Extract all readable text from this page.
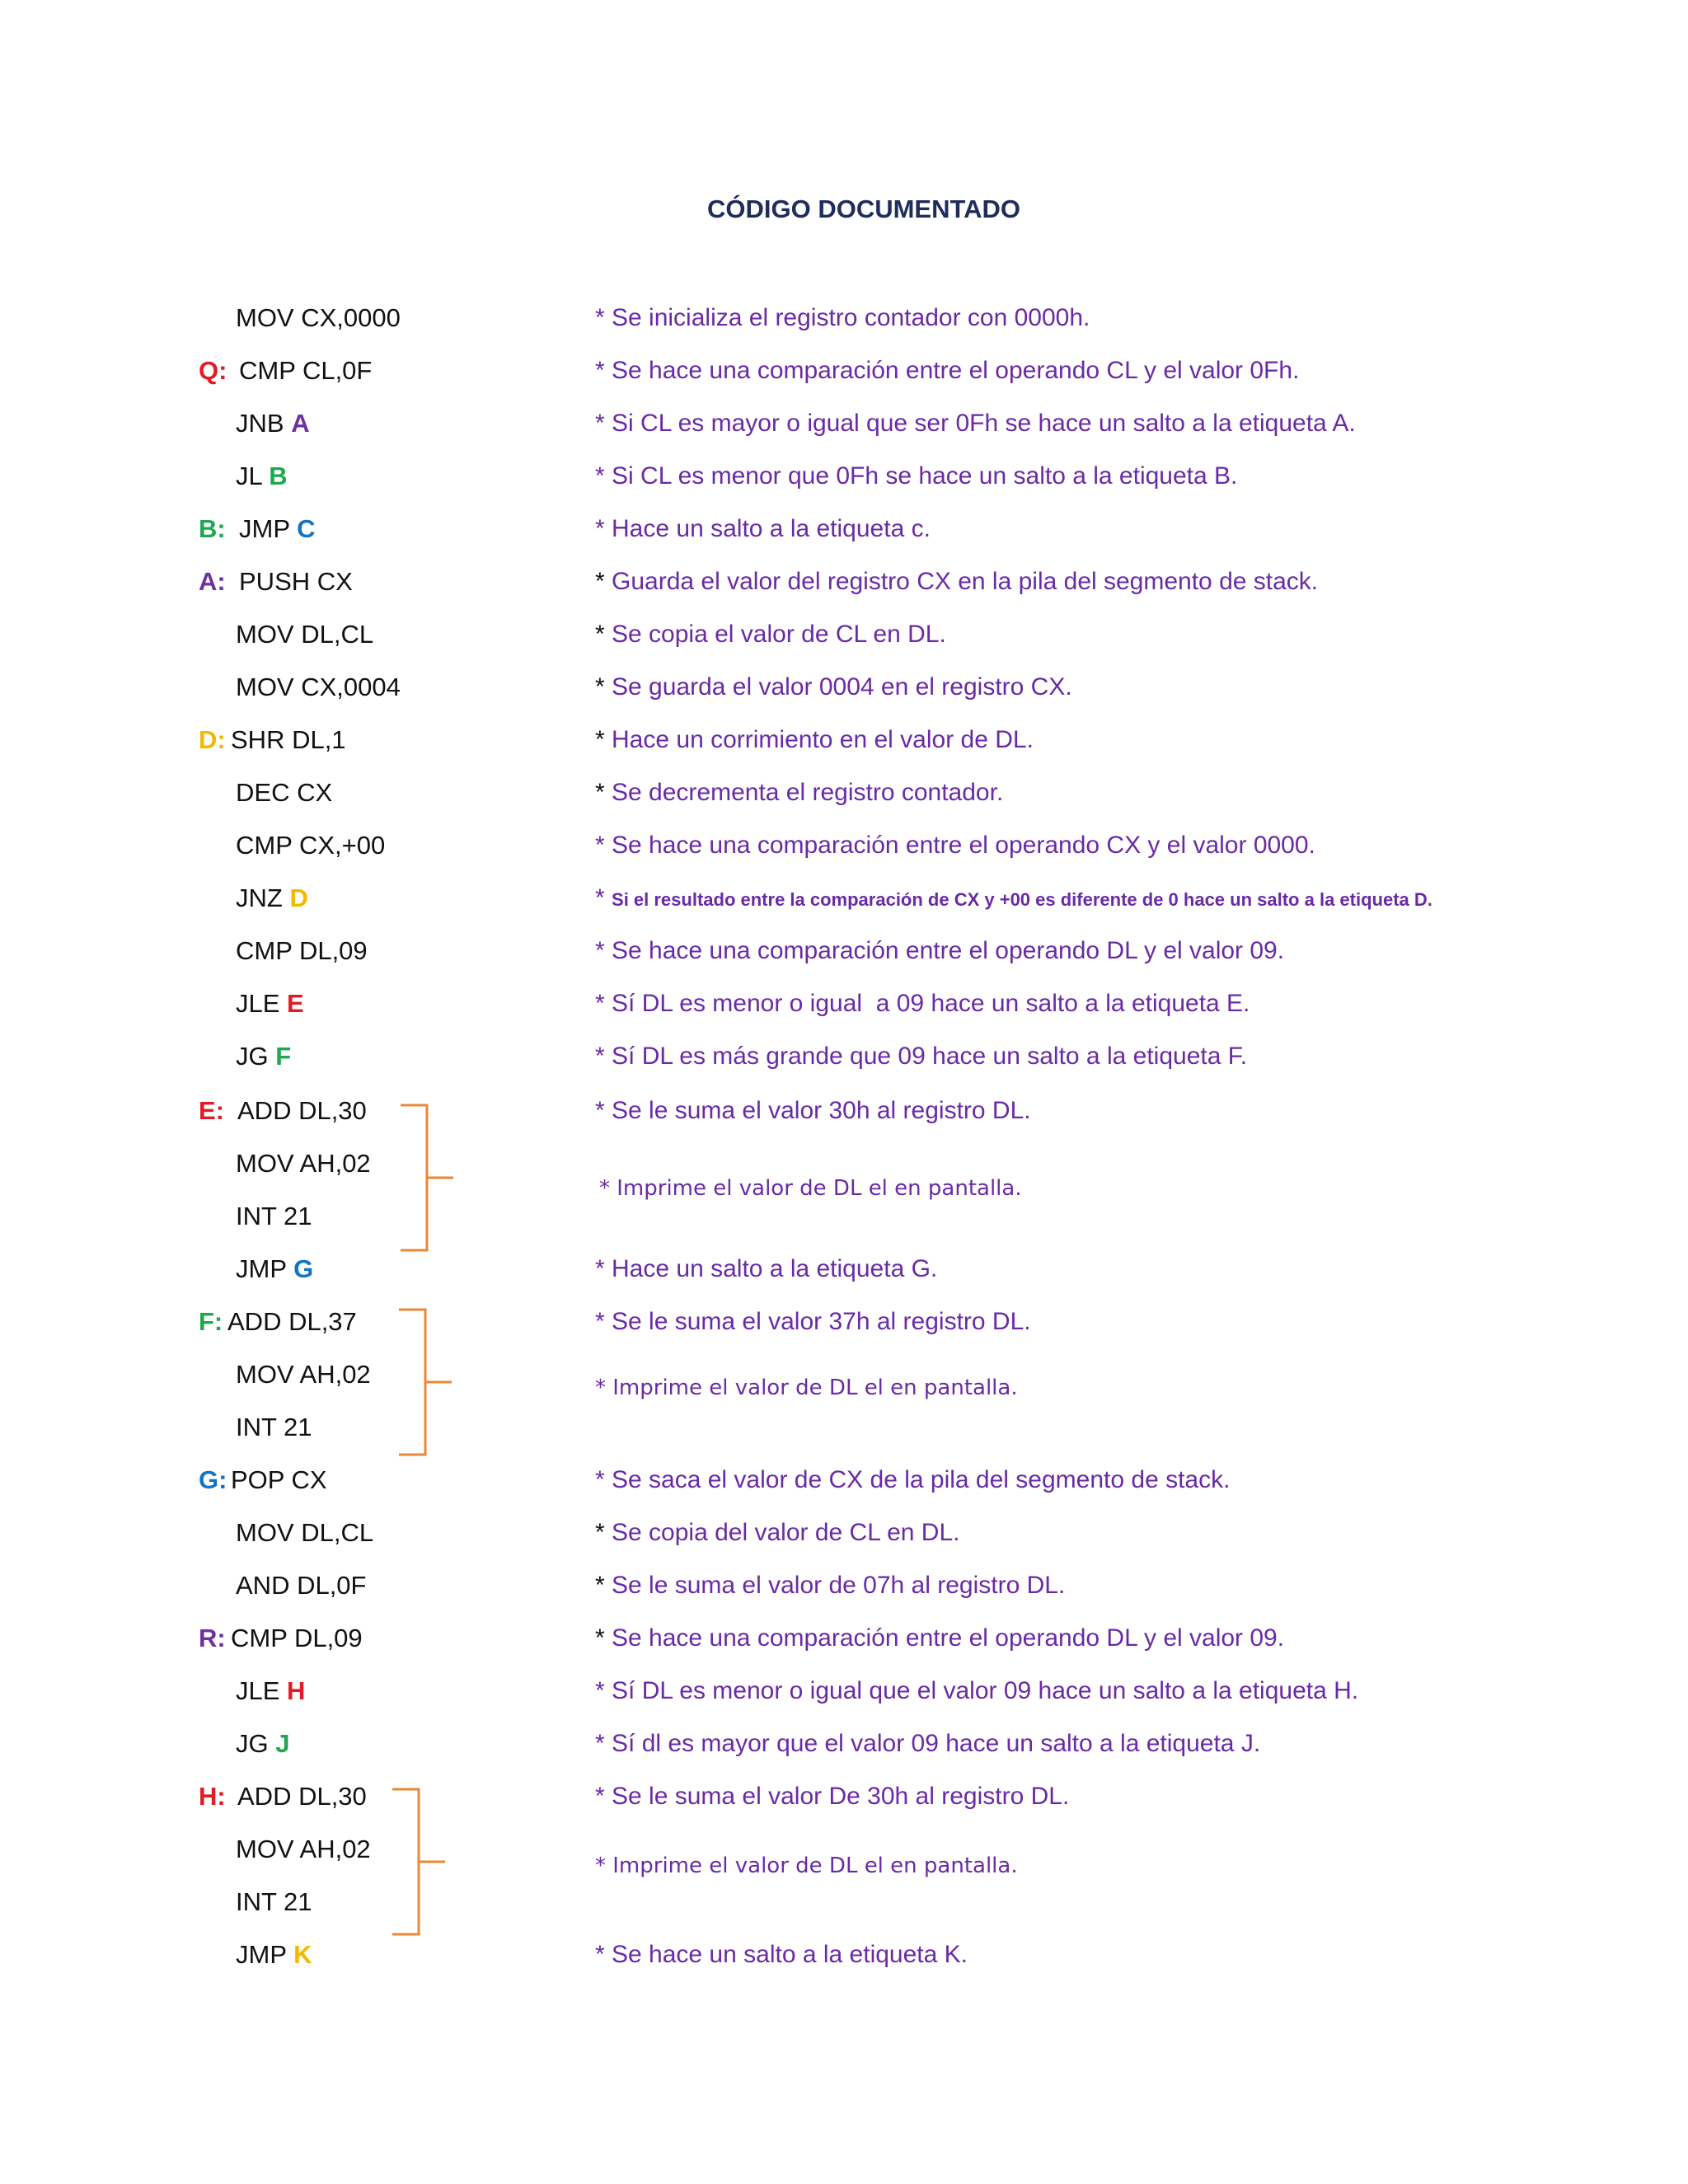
CÓDIGO DOCUMENTADO
MOV CX,0000	* Se inicializa el registro contador con 0000h.
Q: CMP CL,0F	* Se hace una comparación entre el operando CL y el valor 0Fh.
JNB A	* Si CL es mayor o igual que ser 0Fh se hace un salto a la etiqueta A.
JL B	* Si CL es menor que 0Fh se hace un salto a la etiqueta B.
B: JMP C	* Hace un salto a la etiqueta c.
A: PUSH CX	* Guarda el valor del registro CX en la pila del segmento de stack.
MOV DL,CL	* Se copia el valor de CL en DL.
MOV CX,0004	* Se guarda el valor 0004 en el registro CX.
D: SHR DL,1	* Hace un corrimiento en el valor de DL.
DEC CX	* Se decrementa el registro contador.
CMP CX,+00	* Se hace una comparación entre el operando CX y el valor 0000.
JNZ D	* Si el resultado entre la comparación de CX y +00 es diferente de 0 hace un salto a la etiqueta D.
CMP DL,09	* Se hace una comparación entre el operando DL y el valor 09.
JLE E	* Sí DL es menor o igual  a 09 hace un salto a la etiqueta E.
JG F	* Sí DL es más grande que 09 hace un salto a la etiqueta F.
E: ADD DL,30	* Se le suma el valor 30h al registro DL.
MOV AH,02
INT 21
* Imprime el valor de DL el en pantalla.
JMP G	* Hace un salto a la etiqueta G.
F: ADD DL,37	* Se le suma el valor 37h al registro DL.
MOV AH,02
INT 21
* Imprime el valor de DL el en pantalla.
G: POP CX	* Se saca el valor de CX de la pila del segmento de stack.
MOV DL,CL	* Se copia del valor de CL en DL.
AND DL,0F	* Se le suma el valor de 07h al registro DL.
R: CMP DL,09	* Se hace una comparación entre el operando DL y el valor 09.
JLE H	* Sí DL es menor o igual que el valor 09 hace un salto a la etiqueta H.
JG J	* Sí dl es mayor que el valor 09 hace un salto a la etiqueta J.
H: ADD DL,30	* Se le suma el valor De 30h al registro DL.
MOV AH,02
INT 21
* Imprime el valor de DL el en pantalla.
JMP K	* Se hace un salto a la etiqueta K.
